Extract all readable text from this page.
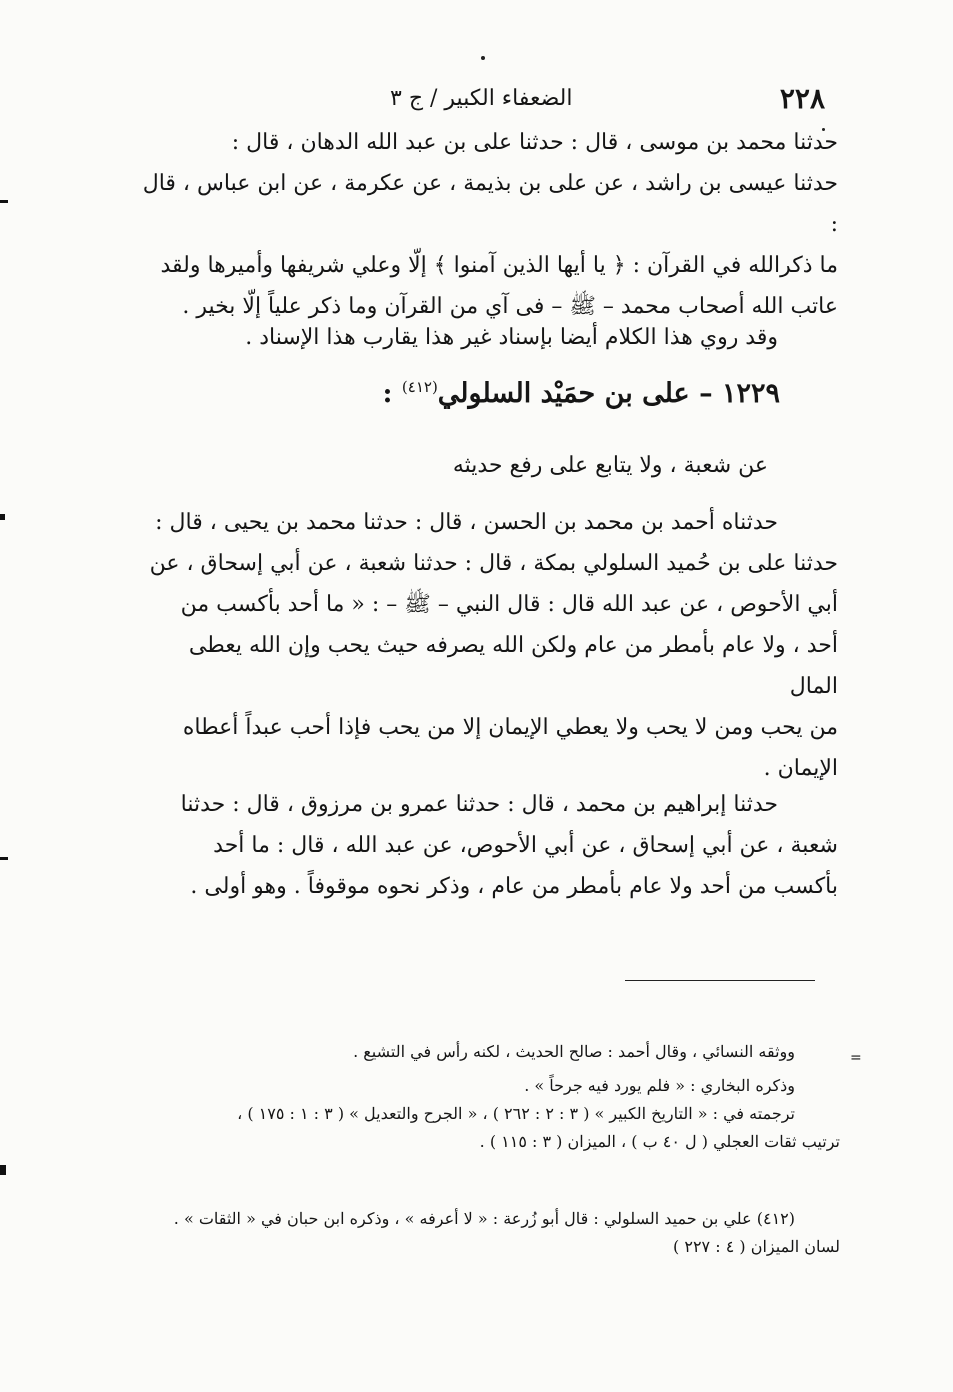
=
٢٢٨
الضعفاء الكبير / ج ٣

حدثنا محمد بن موسى ، قال : حدثنا على بن عبد الله الدهان ، قال :

حدثنا عيسى بن راشد ، عن على بن بذيمة ، عن عكرمة ، عن ابن عباس ، قال :

ما ذكرالله في القرآن : ﴿ يا أيها الذين آمنوا ﴾ إلّا وعلي شريفها وأميرها ولقد

عاتب الله أصحاب محمد – ﷺ – فى آي من القرآن وما ذكر علياً إلّا بخير .

وقد روي هذا الكلام أيضا بإسناد غير هذا يقارب هذا الإسناد .

١٢٢٩ – على بن حمَيْد السلولي$^{(٤١٢)}$ :

عن شعبة ، ولا يتابع على رفع حديثه

حدثناه أحمد بن محمد بن الحسن ، قال : حدثنا محمد بن يحيى ، قال :

حدثنا على بن حُميد السلولي بمكة ، قال : حدثنا شعبة ، عن أبي إسحاق ، عن

أبي الأحوص ، عن عبد الله قال : قال النبي – ﷺ – : « ما أحد بأكسب من

أحد ، ولا عام بأمطر من عام ولكن الله يصرفه حيث يحب وإن الله يعطى المال

من يحب ومن لا يحب ولا يعطي الإيمان إلا من يحب فإذا أحب عبداً أعطاه

الإيمان .

حدثنا إبراهيم بن محمد ، قال : حدثنا عمرو بن مرزوق ، قال : حدثنا

شعبة ، عن أبي إسحاق ، عن أبي الأحوص، عن عبد الله ، قال : ما أحد

بأكسب من أحد ولا عام بأمطر من عام ، وذكر نحوه موقوفاً . وهو أولى .

ووثقه النسائي ، وقال أحمد : صالح الحديث ، لكنه رأس في التشيع .

وذكره البخاري : « فلم يورد فيه جرحاً » .

ترجمته في : « التاريخ الكبير » ( ٣ : ٢ : ٢٦٢ ) ، « الجرح والتعديل » ( ٣ : ١ : ١٧٥ ) ،

ترتيب ثقات العجلي ( ل ٤٠ ب ) ، الميزان ( ٣ : ١١٥ ) .

(٤١٢) علي بن حميد السلولي : قال أبو زُرعة : « لا أعرفه » ، وذكره ابن حبان في « الثقات » .

لسان الميزان ( ٤ : ٢٢٧ )
